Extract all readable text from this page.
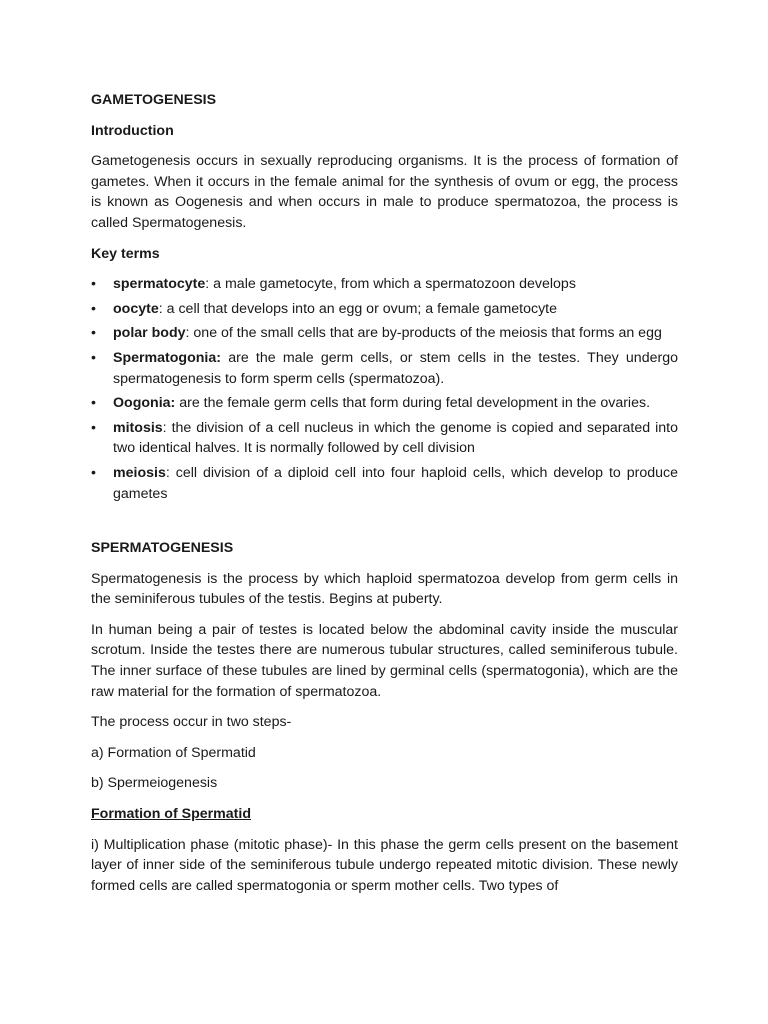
GAMETOGENESIS

Introduction

Gametogenesis occurs in sexually reproducing organisms. It is the process of formation of gametes. When it occurs in the female animal for the synthesis of ovum or egg, the process is known as Oogenesis and when occurs in male to produce spermatozoa, the process is called Spermatogenesis.

Key terms

• spermatocyte: a male gametocyte, from which a spermatozoon develops
• oocyte: a cell that develops into an egg or ovum; a female gametocyte
• polar body: one of the small cells that are by-products of the meiosis that forms an egg
• Spermatogonia: are the male germ cells, or stem cells in the testes. They undergo spermatogenesis to form sperm cells (spermatozoa).
• Oogonia: are the female germ cells that form during fetal development in the ovaries.
• mitosis: the division of a cell nucleus in which the genome is copied and separated into two identical halves. It is normally followed by cell division
• meiosis: cell division of a diploid cell into four haploid cells, which develop to produce gametes

SPERMATOGENESIS

Spermatogenesis is the process by which haploid spermatozoa develop from germ cells in the seminiferous tubules of the testis. Begins at puberty.

In human being a pair of testes is located below the abdominal cavity inside the muscular scrotum. Inside the testes there are numerous tubular structures, called seminiferous tubule. The inner surface of these tubules are lined by germinal cells (spermatogonia), which are the raw material for the formation of spermatozoa.

The process occur in two steps-

a) Formation of Spermatid

b) Spermeiogenesis

Formation of Spermatid

i) Multiplication phase (mitotic phase)- In this phase the germ cells present on the basement layer of inner side of the seminiferous tubule undergo repeated mitotic division. These newly formed cells are called spermatogonia or sperm mother cells. Two types of
